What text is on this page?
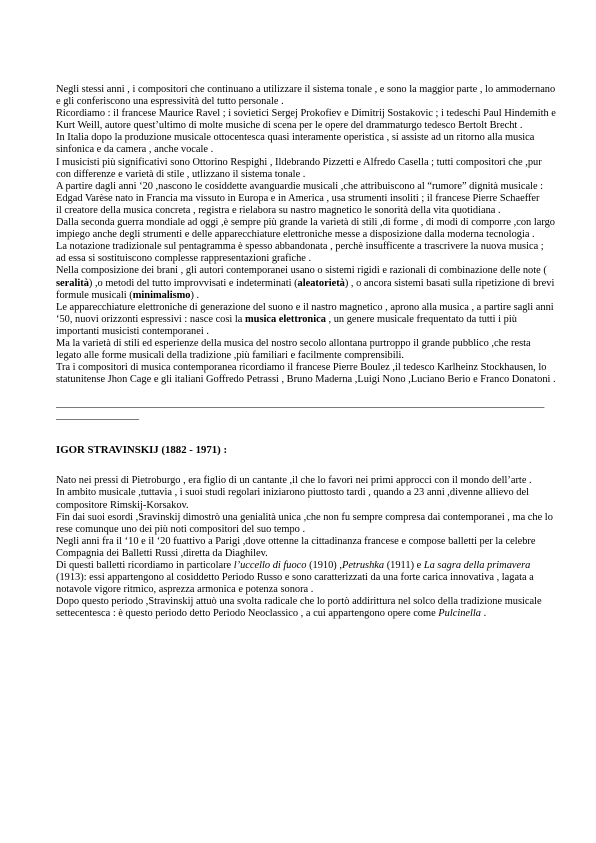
Negli stessi anni , i compositori che continuano a utilizzare il sistema tonale , e sono la maggior parte , lo ammodernano e gli conferiscono una espressività del tutto personale .

Ricordiamo : il francese Maurice Ravel ; i sovietici Sergej Prokofiev e Dimitrij Sostakovic ; i tedeschi Paul Hindemith e Kurt Weill, autore quest’ultimo di molte musiche di scena per le opere del drammaturgo tedesco Bertolt Brecht .

In Italia dopo la produzione musicale ottocentesca quasi interamente operistica , si assiste ad un ritorno alla musica sinfonica e da camera , anche vocale .

I musicisti più significativi sono Ottorino Respighi , Ildebrando Pizzetti e Alfredo Casella ; tutti compositori che ,pur con differenze e varietà di stile , utlizzano il sistema tonale .

A partire dagli anni ‘20 ,nascono le cosiddette avanguardie musicali ,che attribuiscono al “rumore” dignità musicale : Edgad Varèse nato in Francia ma vissuto in Europa e in America , usa strumenti insoliti ; il francese Pierre Schaeffer

il creatore della musica concreta , registra e rielabora su nastro magnetico le sonorità della vita quotidiana .

Dalla seconda guerra mondiale ad oggi ,è sempre più grande la varietà di stili ,di forme , di modi di comporre ,con largo impiego anche degli strumenti e delle apparecchiature elettroniche messe a disposizione dalla moderna tecnologia .

La notazione tradizionale sul pentagramma è spesso abbandonata , perchè insufficente a trascrivere la nuova musica ; ad essa si sostituiscono complesse rappresentazioni grafiche .

Nella composizione dei brani , gli autori contemporanei usano o sistemi rigidi e razionali di combinazione delle note ( seralità) ,o metodi del tutto improvvisati e indeterminati (aleatorietà) , o ancora sistemi basati sulla ripetizione di brevi formule musicali (minimalismo) .

Le apparecchiature elettroniche di generazione del suono e il nastro magnetico , aprono alla musica , a partire sagli anni ‘50, nuovi orizzonti espressivi : nasce così la musica elettronica , un genere musicale frequentato da tutti i più importanti musicisti contemporanei .

Ma la varietà di stili ed esperienze della musica del nostro secolo allontana purtroppo il grande pubblico ,che resta legato alle forme musicali della tradizione ,più familiari e facilmente comprensibili.

Tra i compositori di musica contemporanea ricordiamo il francese Pierre Boulez ,il tedesco Karlheinz Stockhausen, lo statunitense Jhon Cage e gli italiani Goffredo Petrassi , Bruno Maderna ,Luigi Nono ,Luciano Berio e Franco Donatoni .

______________________________________________________________________________________________
________________
IGOR STRAVINSKIJ (1882 - 1971) :

Nato nei pressi di Pietroburgo , era figlio di un cantante ,il che lo favorì nei primi approcci con il mondo dell’arte .

In ambito musicale ,tuttavia , i suoi studi regolari iniziarono piuttosto tardi , quando a 23 anni ,divenne allievo del compositore Rimskij-Korsakov.

Fin dai suoi esordi ,Sravinskij dimostrò una genialità unica ,che non fu sempre compresa dai contemporanei , ma che lo rese comunque uno dei più noti compositori del suo tempo .

Negli anni fra il ‘10 e il ‘20 fuattivo a Parigi ,dove ottenne la cittadinanza francese e compose balletti per la celebre Compagnia dei Balletti Russi ,diretta da Diaghilev.

Di questi balletti ricordiamo in particolare l’uccello di fuoco (1910) ,Petrushka (1911) e La sagra della primavera (1913): essi appartengono al cosiddetto Periodo Russo e sono caratterizzati da una forte carica innovativa , lagata a notavole vigore ritmico, asprezza armonica e potenza sonora .

Dopo questo periodo ,Stravinskij attuò una svolta radicale che lo portò addirittura nel solco della tradizione musicale settecentesca : è questo periodo detto Periodo Neoclassico , a cui appartengono opere come Pulcinella .
